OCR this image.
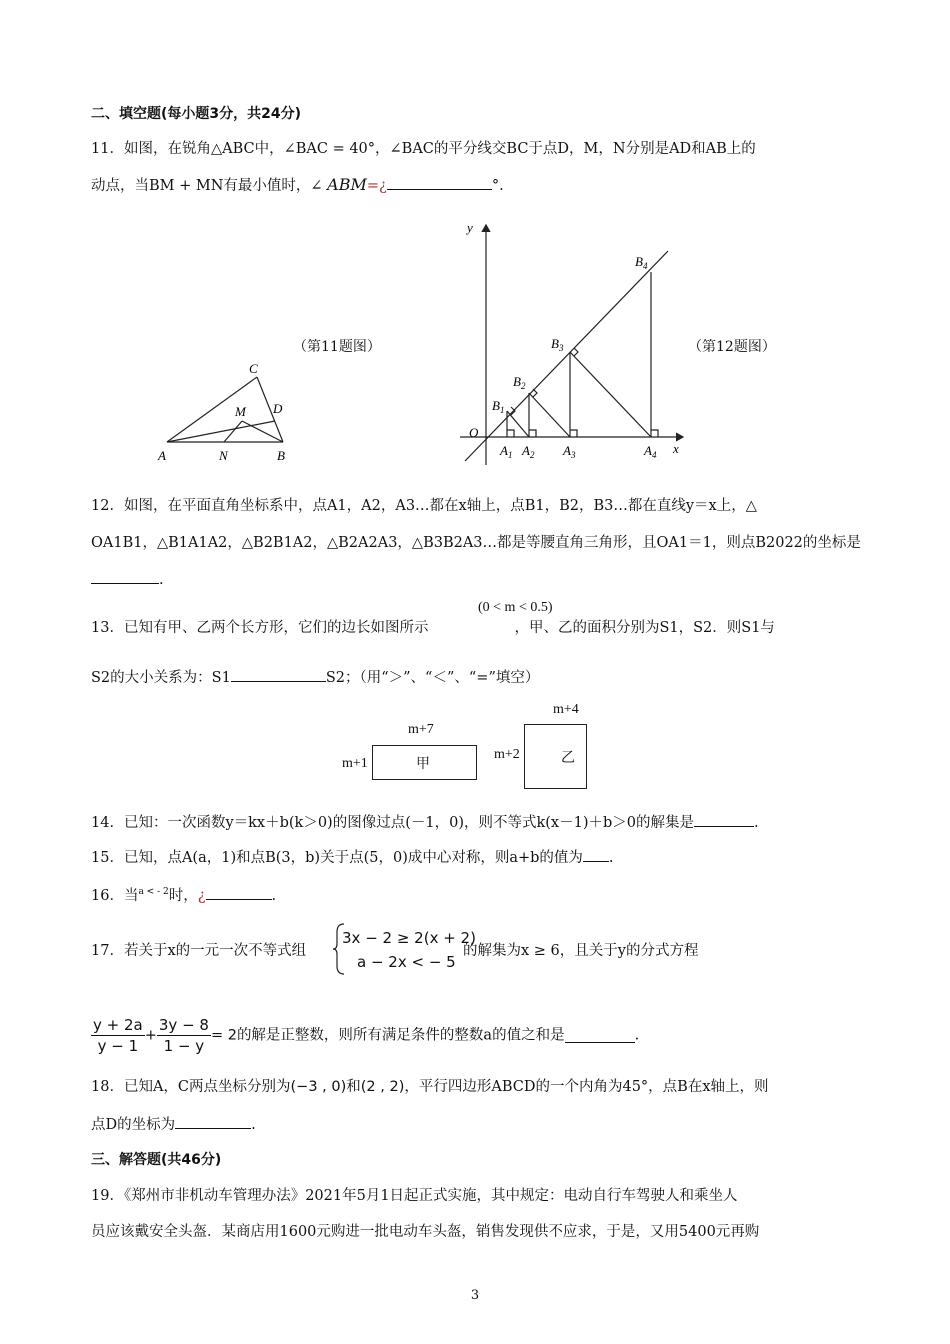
二、填空题(每小题3分，共24分)
11．如图，在锐角△ABC中，∠BAC = 40°，∠BAC的平分线交BC于点D，M，N分别是AD和AB上的
动点，当BM + MN有最小值时，∠ ABM=¿	°.
（第11题图）
C
M D
A	N	B
（第12题图）
y
x
O
$B_1$
$B_2$
$B_3$
$B_4$
$A_1$ $A_2$ $A_3$	$A_4$
12．如图，在平面直角坐标系中，点A1，A2，A3…都在x轴上，点B1，B2，B3…都在直线y＝x上，△
OA1B1，△B1A1A2，△B2B1A2，△B2A2A3，△B3B2A3…都是等腰直角三角形，且OA1＝1，则点B2022的坐标是
.
(0 < m < 0.5)
13．已知有甲、乙两个长方形，它们的边长如图所示	，甲、乙的面积分别为S1，S2．则S1与
S2的大小关系为：S1	S2；（用“＞”、“＜”、“=”填空）
m+7
m+1	甲
m+4
m+2	乙
14．已知：一次函数y＝kx＋b(k＞0)的图像过点(－1，0)，则不等式k(x－1)＋b＞0的解集是	.
15．已知，点A(a，1)和点B(3，b)关于点(5，0)成中心对称，则a+b的值为 .
16．当$^{a < - 2}$时，¿	.
17．若关于x的一元一次不等式组
3x − 2 ≥ 2(x + 2)
a − 2x < − 5
的解集为x ≥ 6，且关于y的分式方程
$\frac{y + 2a}{y - 1} + \frac{3y - 8}{1 - y} = 2$的解是正整数，则所有满足条件的整数a的值之和是	.
18．已知A，C两点坐标分别为(−3 , 0)和(2 , 2)，平行四边形ABCD的一个内角为45°，点B在x轴上，则
点D的坐标为	.
三、解答题(共46分)
19．《郑州市非机动车管理办法》2021年5月1日起正式实施，其中规定：电动自行车驾驶人和乘坐人
员应该戴安全头盔．某商店用1600元购进一批电动车头盔，销售发现供不应求，于是，又用5400元再购
3
